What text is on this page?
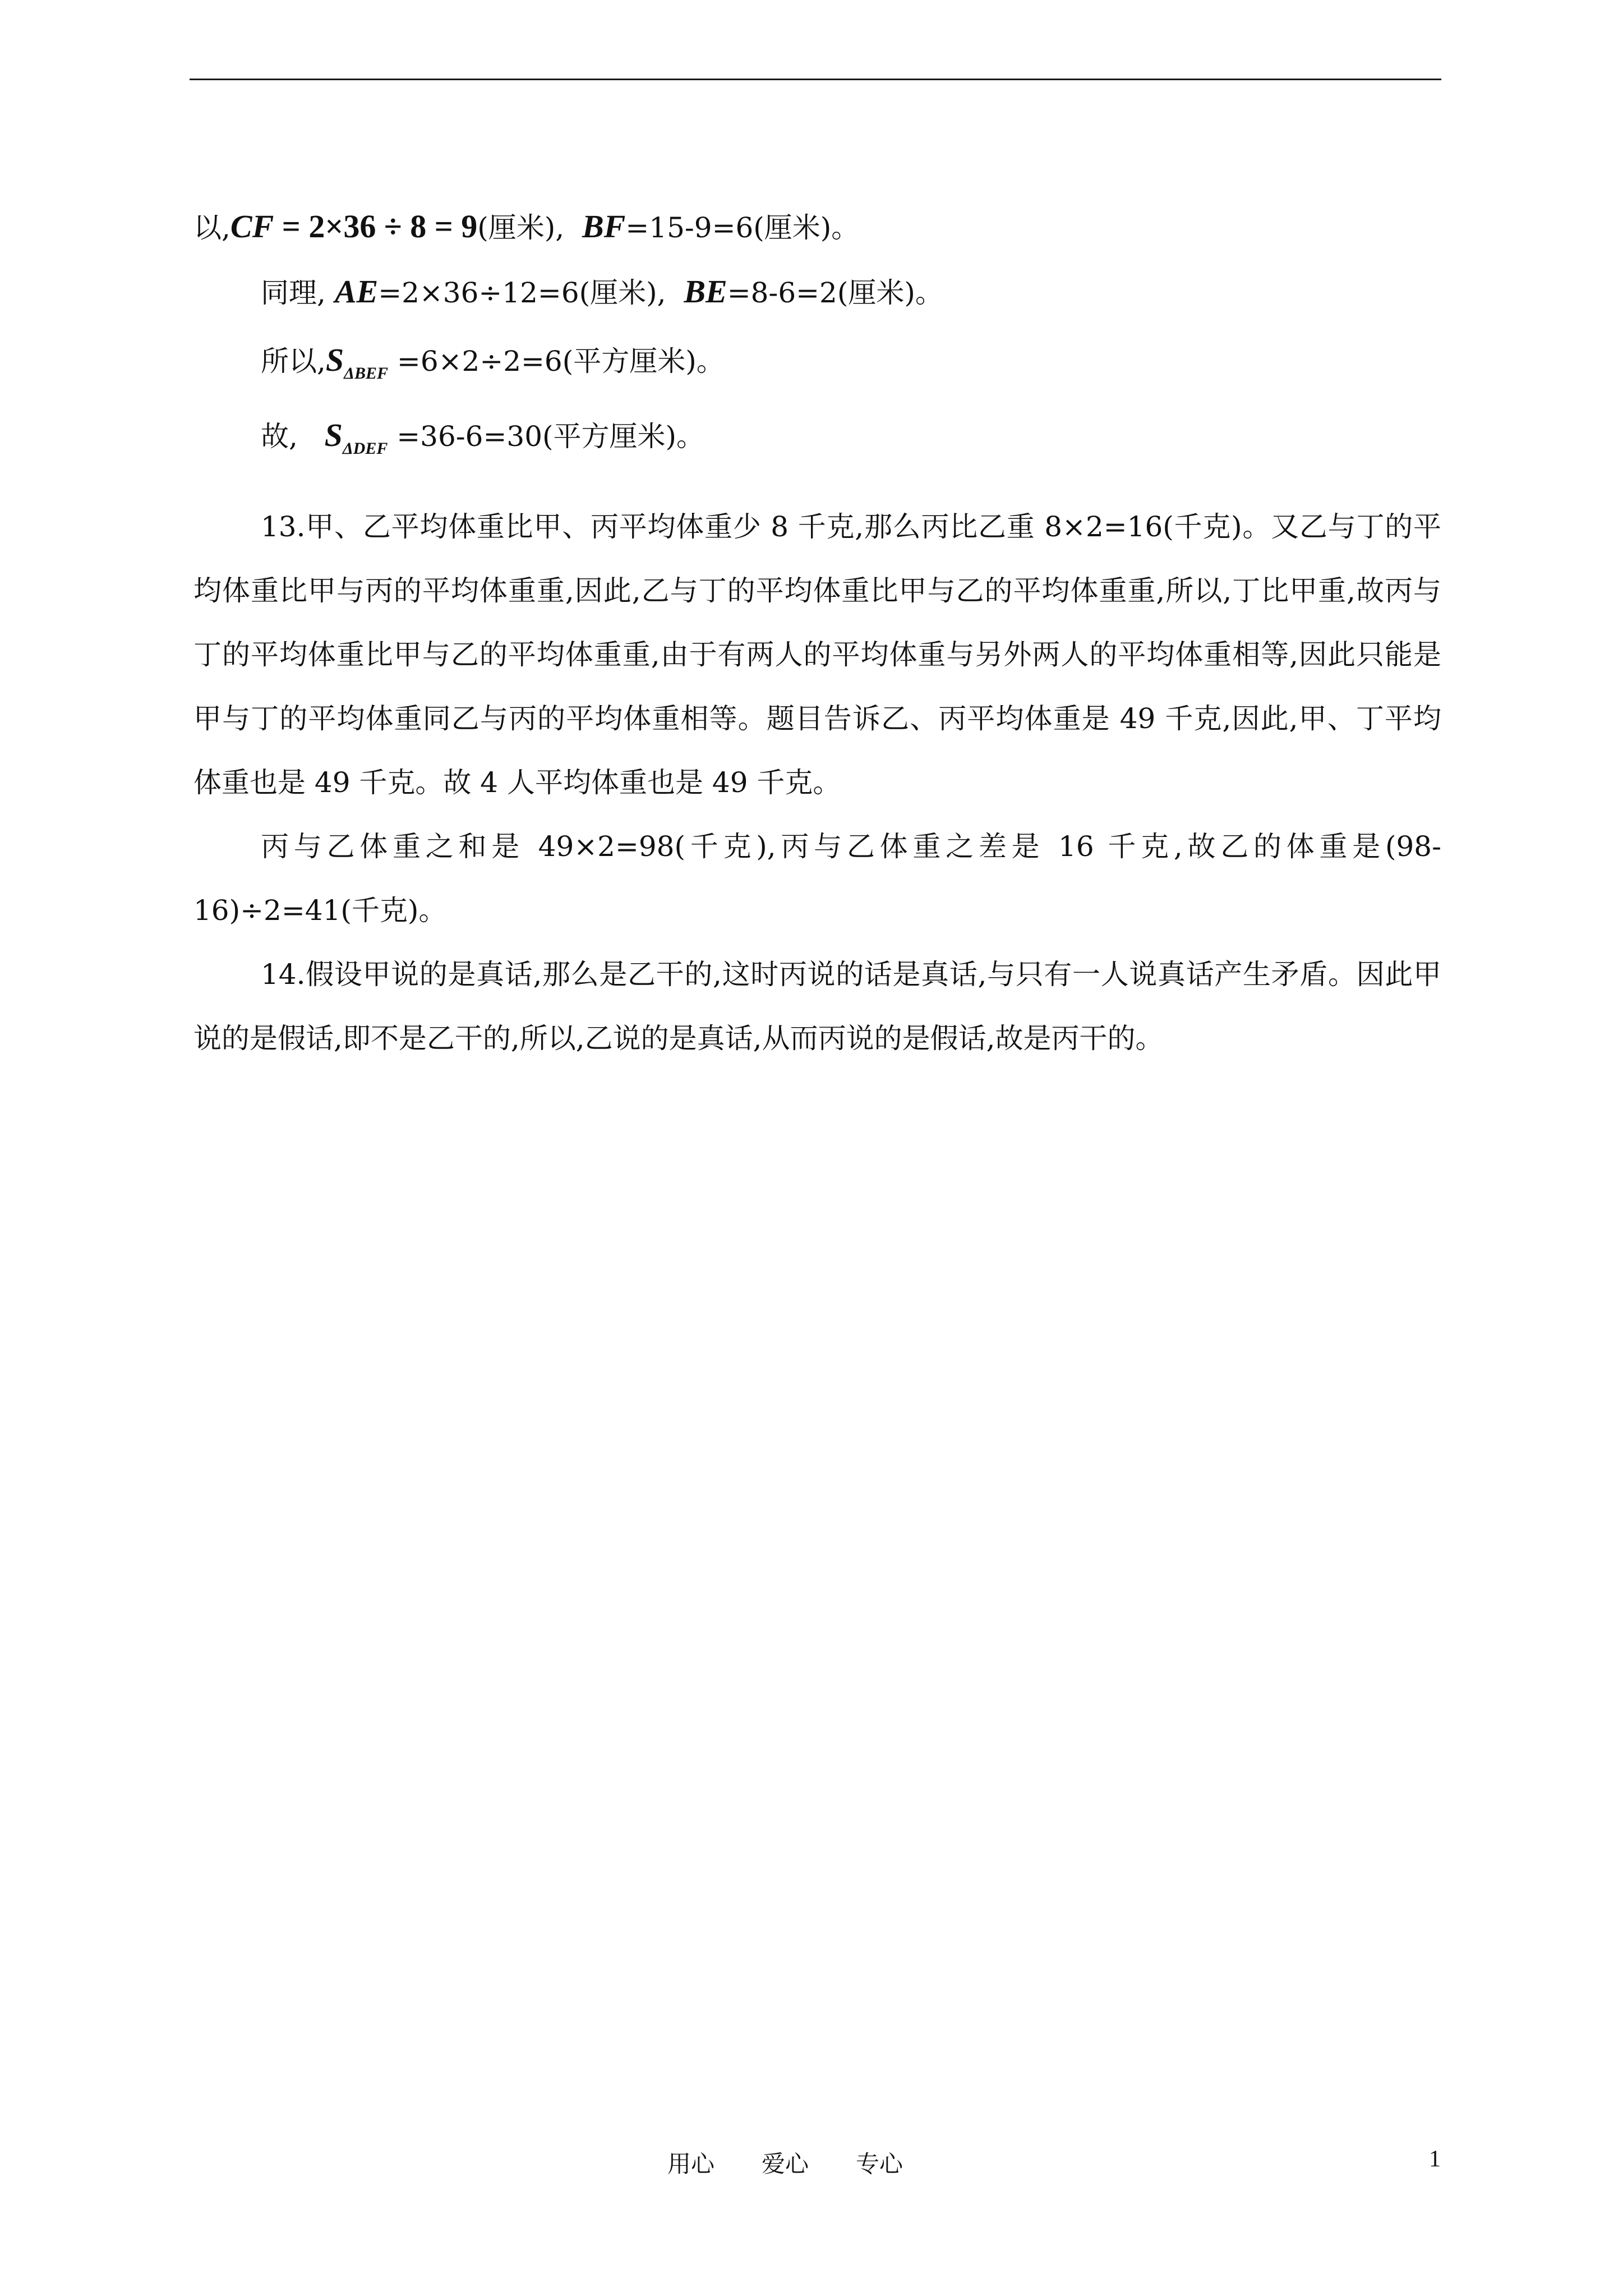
以,CF = 2×36 ÷ 8 = 9(厘米), BF=15-9=6(厘米)。
同理, AE=2×36÷12=6(厘米), BE=8-6=2(厘米)。
所以$,S_{\Delta BEF} =6\times 2\div 2=6$(平方厘米)。
故, $S_{\Delta DEF} =36-6=30$(平方厘米)。

13.甲、乙平均体重比甲、丙平均体重少 8 千克,那么丙比乙重 8×2=16(千克)。又乙与丁的平均体重比甲与丙的平均体重重,因此,乙与丁的平均体重比甲与乙的平均体重重,所以,丁比甲重,故丙与丁的平均体重比甲与乙的平均体重重,由于有两人的平均体重与另外两人的平均体重相等,因此只能是甲与丁的平均体重同乙与丙的平均体重相等。题目告诉乙、丙平均体重是 49 千克,因此,甲、丁平均体重也是 49 千克。故 4 人平均体重也是 49 千克。

丙与乙体重之和是 49×2=98(千克),丙与乙体重之差是 16 千克,故乙的体重是(98-16)÷2=41(千克)。

14.假设甲说的是真话,那么是乙干的,这时丙说的话是真话,与只有一人说真话产生矛盾。因此甲说的是假话,即不是乙干的,所以,乙说的是真话,从而丙说的是假话,故是丙干的。

用心　　爱心　　专心	1
